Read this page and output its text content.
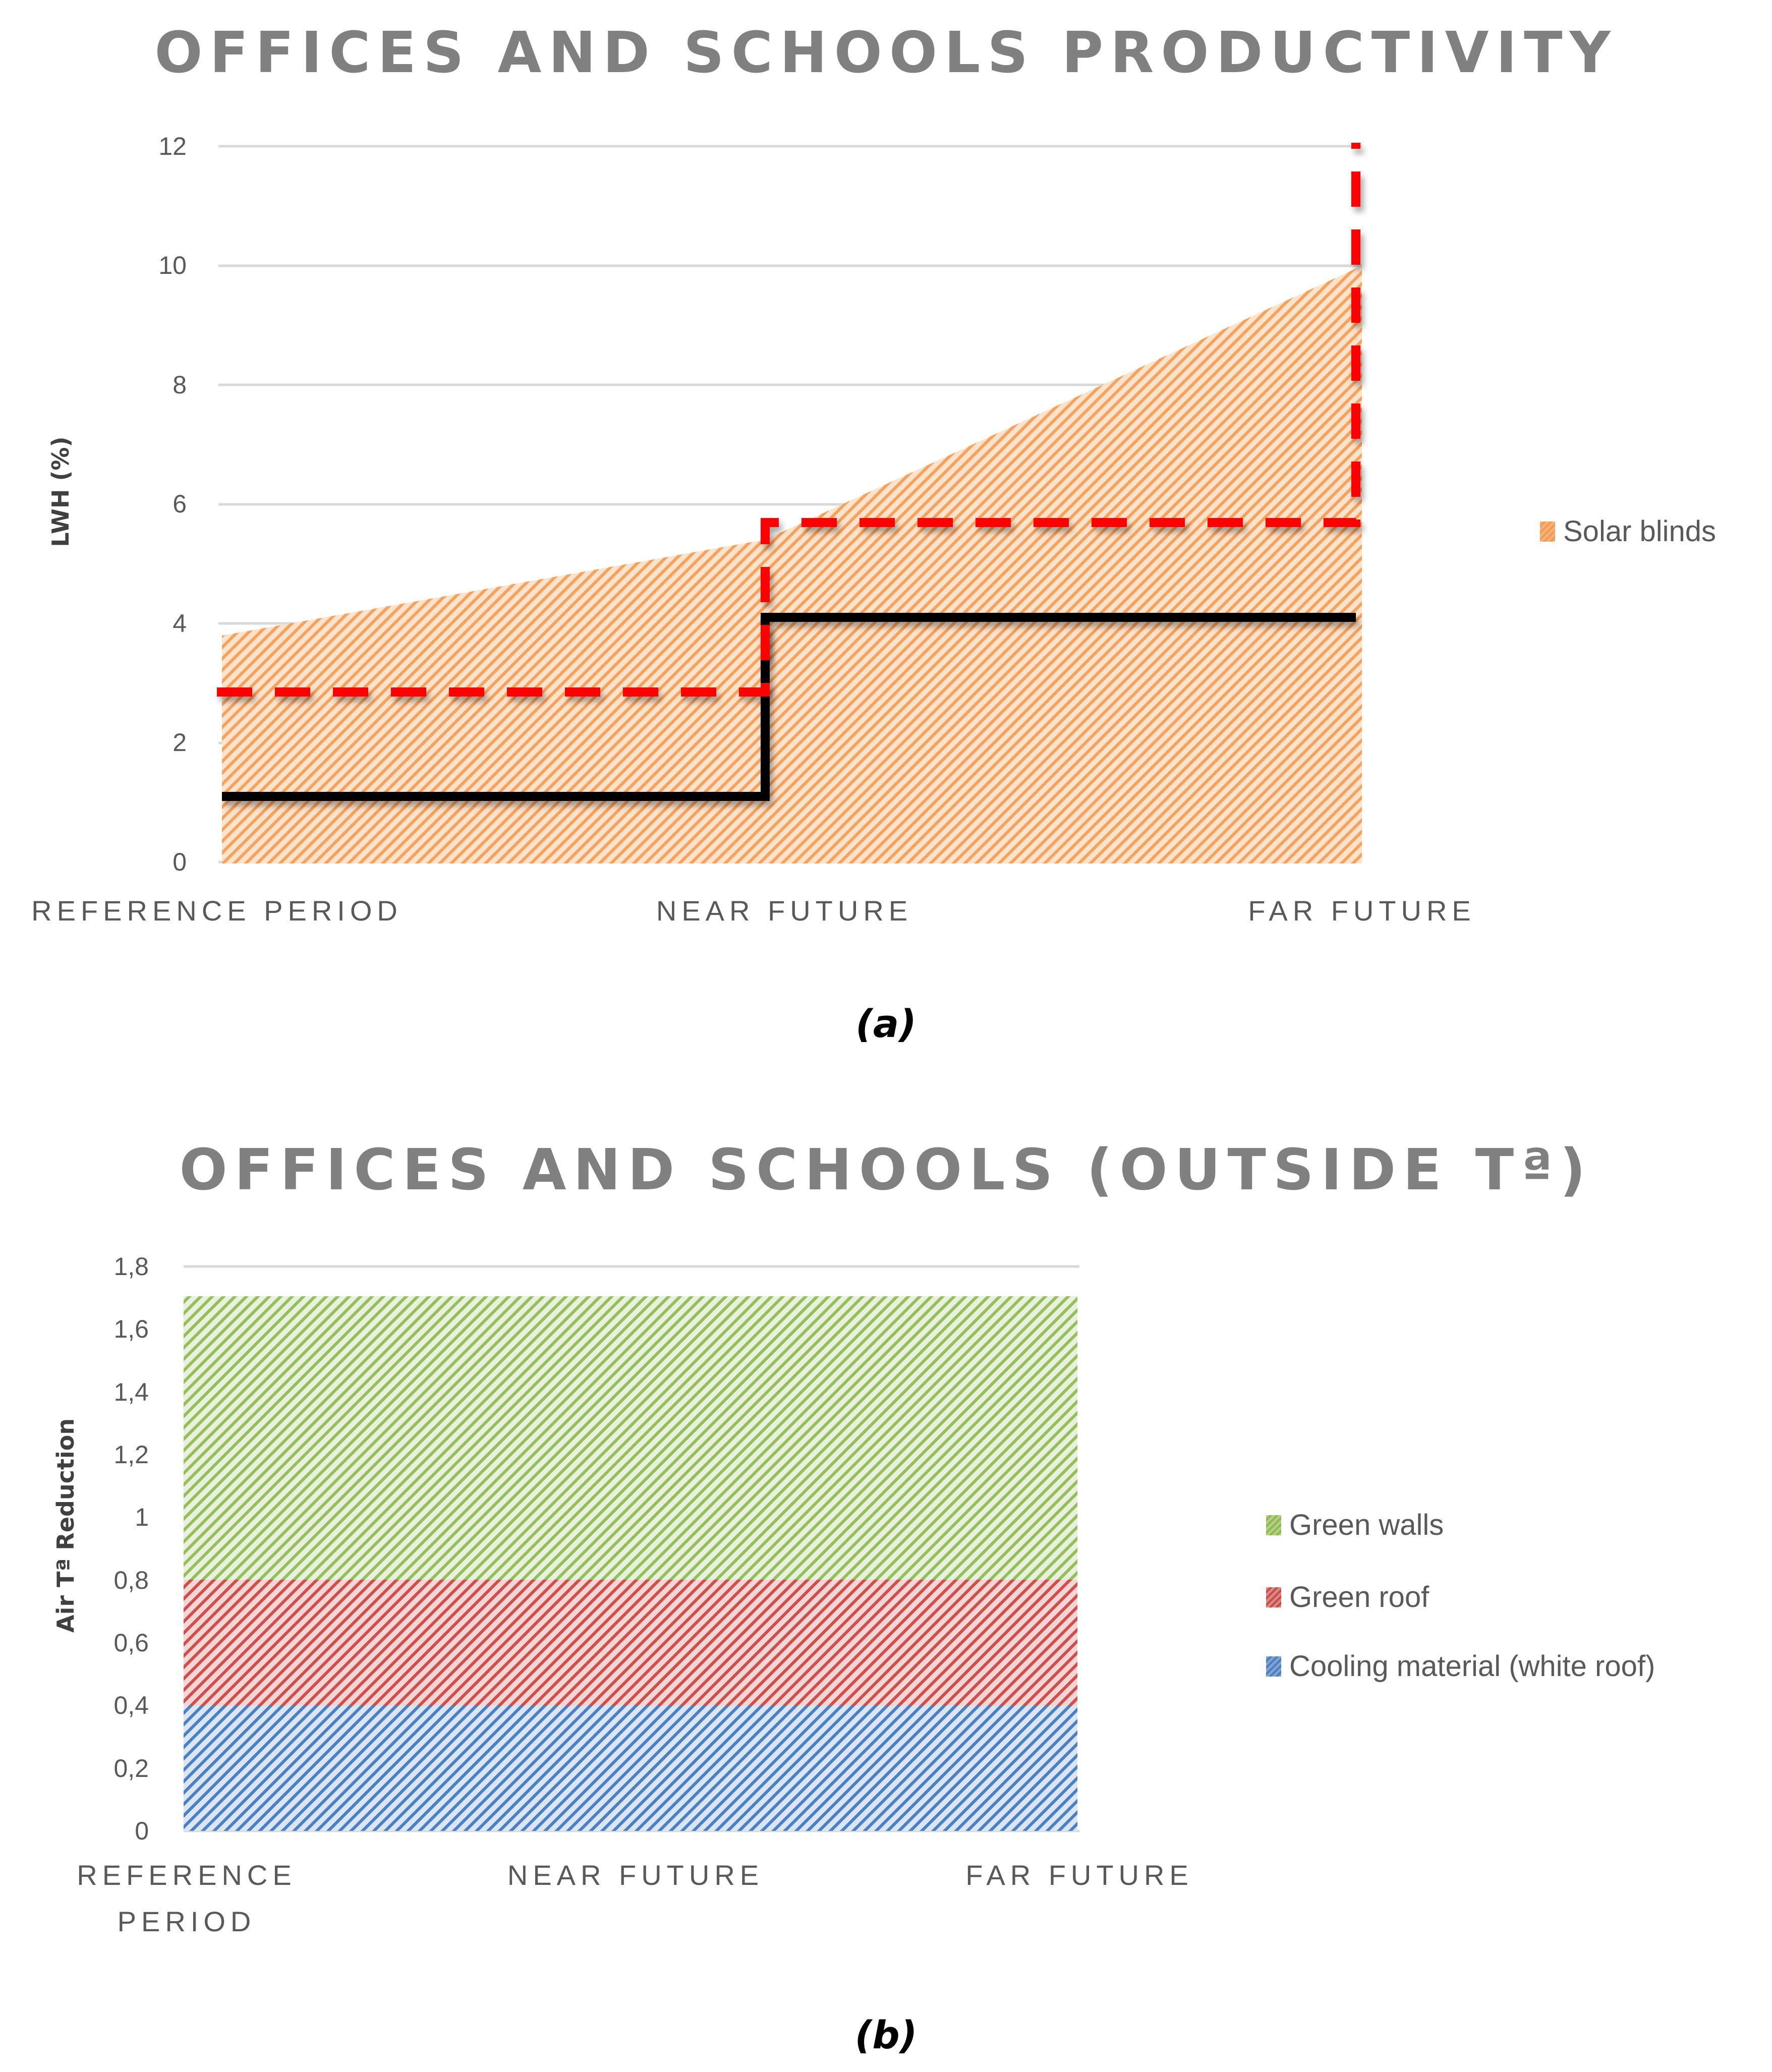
OFFICES AND SCHOOLS PRODUCTIVITY
LWH (%)
0
2
4
6
8
10
12
REFERENCE PERIOD	NEAR FUTURE	FAR FUTURE
Solar blinds
(a)
OFFICES AND SCHOOLS (OUTSIDE Tª)
Air Tª Reduction
0
0,2
0,4
0,6
0,8
1
1,2
1,4
1,6
1,8
REFERENCE PERIOD
NEAR FUTURE	FAR FUTURE
Green walls
Green roof
Cooling material (white roof)
(b)
